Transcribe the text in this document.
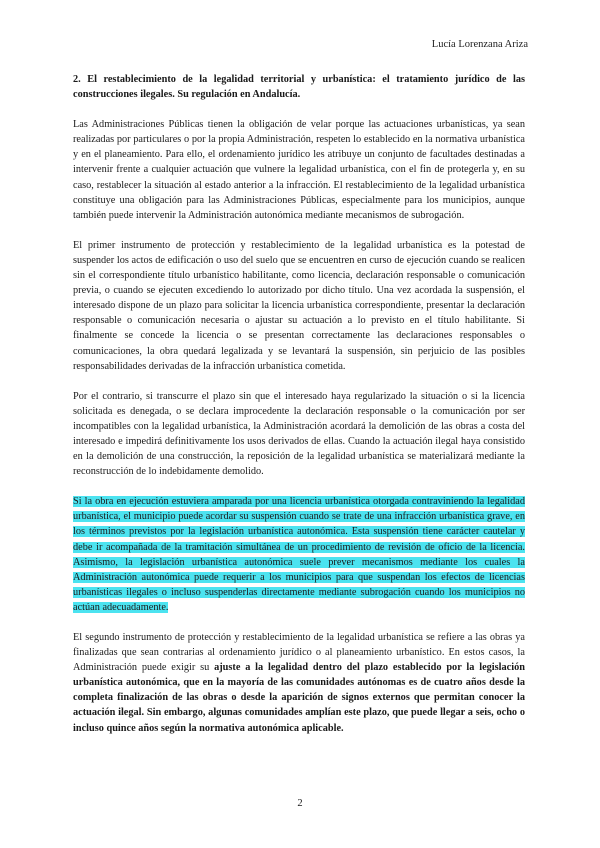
Lucía Lorenzana Ariza

2. El restablecimiento de la legalidad territorial y urbanística: el tratamiento jurídico de las construcciones ilegales. Su regulación en Andalucía.

Las Administraciones Públicas tienen la obligación de velar porque las actuaciones urbanísticas, ya sean realizadas por particulares o por la propia Administración, respeten lo establecido en la normativa urbanística y en el planeamiento. Para ello, el ordenamiento jurídico les atribuye un conjunto de facultades destinadas a intervenir frente a cualquier actuación que vulnere la legalidad urbanística, con el fin de protegerla y, en su caso, restablecer la situación al estado anterior a la infracción. El restablecimiento de la legalidad urbanística constituye una obligación para las Administraciones Públicas, especialmente para los municipios, aunque también puede intervenir la Administración autonómica mediante mecanismos de subrogación.

El primer instrumento de protección y restablecimiento de la legalidad urbanística es la potestad de suspender los actos de edificación o uso del suelo que se encuentren en curso de ejecución cuando se realicen sin el correspondiente título urbanístico habilitante, como licencia, declaración responsable o comunicación previa, o cuando se ejecuten excediendo lo autorizado por dicho título. Una vez acordada la suspensión, el interesado dispone de un plazo para solicitar la licencia urbanística correspondiente, presentar la declaración responsable o comunicación necesaria o ajustar su actuación a lo previsto en el título habilitante. Si finalmente se concede la licencia o se presentan correctamente las declaraciones responsables o comunicaciones, la obra quedará legalizada y se levantará la suspensión, sin perjuicio de las posibles responsabilidades derivadas de la infracción urbanística cometida.

Por el contrario, si transcurre el plazo sin que el interesado haya regularizado la situación o si la licencia solicitada es denegada, o se declara improcedente la declaración responsable o la comunicación por ser incompatibles con la legalidad urbanística, la Administración acordará la demolición de las obras a costa del interesado e impedirá definitivamente los usos derivados de ellas. Cuando la actuación ilegal haya consistido en la demolición de una construcción, la reposición de la legalidad urbanística se materializará mediante la reconstrucción de lo indebidamente demolido.

Si la obra en ejecución estuviera amparada por una licencia urbanística otorgada contraviniendo la legalidad urbanística, el municipio puede acordar su suspensión cuando se trate de una infracción urbanística grave, en los términos previstos por la legislación urbanística autonómica. Esta suspensión tiene carácter cautelar y debe ir acompañada de la tramitación simultánea de un procedimiento de revisión de oficio de la licencia. Asimismo, la legislación urbanística autonómica suele prever mecanismos mediante los cuales la Administración autonómica puede requerir a los municipios para que suspendan los efectos de licencias urbanísticas ilegales o incluso suspenderlas directamente mediante subrogación cuando los municipios no actúan adecuadamente.

El segundo instrumento de protección y restablecimiento de la legalidad urbanística se refiere a las obras ya finalizadas que sean contrarias al ordenamiento jurídico o al planeamiento urbanístico. En estos casos, la Administración puede exigir su ajuste a la legalidad dentro del plazo establecido por la legislación urbanística autonómica, que en la mayoría de las comunidades autónomas es de cuatro años desde la completa finalización de las obras o desde la aparición de signos externos que permitan conocer la actuación ilegal. Sin embargo, algunas comunidades amplían este plazo, que puede llegar a seis, ocho o incluso quince años según la normativa autonómica aplicable.

2
